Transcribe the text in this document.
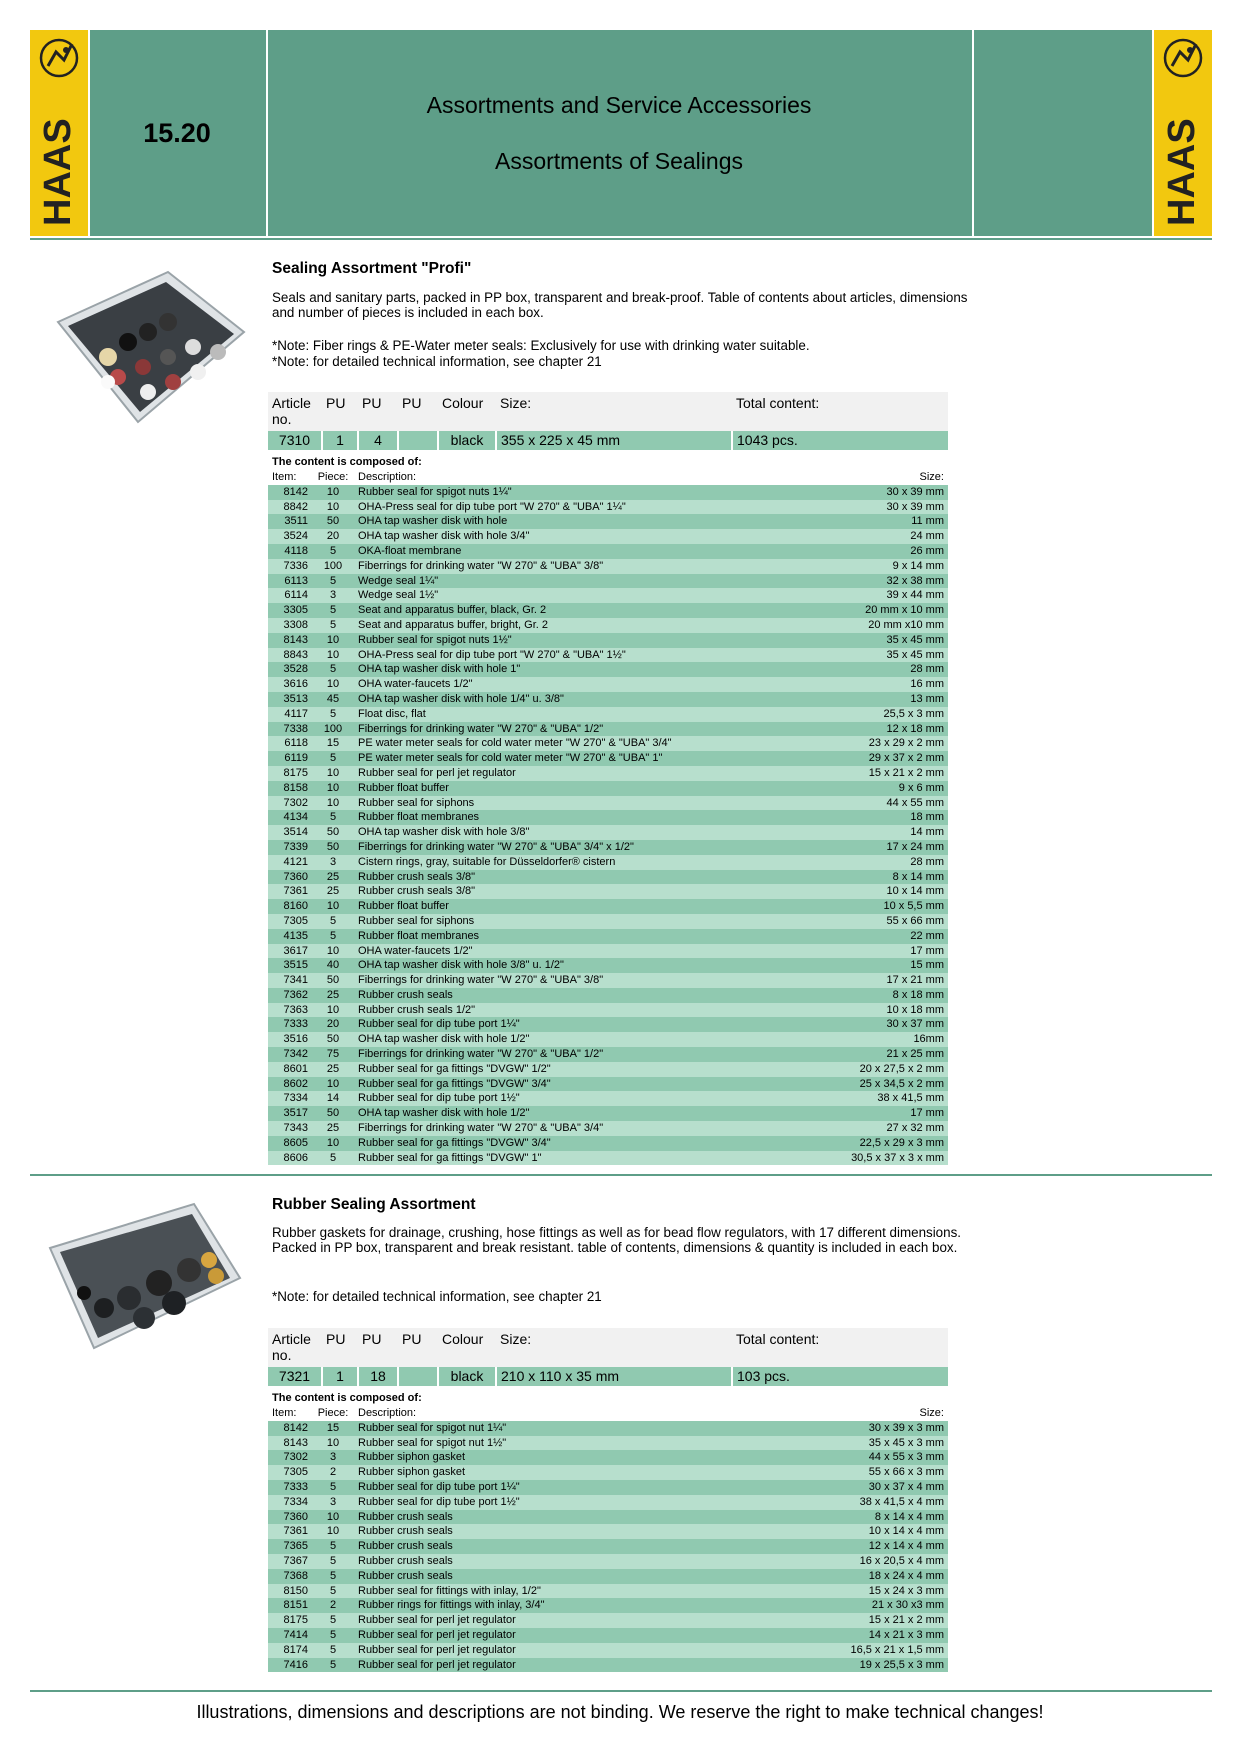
HAAS	HAAS
15.20
Assortments and Service Accessories
Assortments of Sealings
Sealing Assortment "Profi"
Seals and sanitary parts, packed in PP box, transparent and break-proof. Table of contents about articles, dimensions and number of pieces is included in each box.
*Note: Fiber rings & PE-Water meter seals: Exclusively for use with drinking water suitable.
*Note: for detailed technical information, see chapter 21
Article no.	PU	PU	PU	Colour	Size:	Total content:
7310	1	4		black	355 x 225 x 45 mm	1043 pcs.
The content is composed of:
Item:	Piece:	Description:	Size:
8142	10	Rubber seal for spigot nuts 1¼"	30 x 39 mm
8842	10	OHA-Press seal for dip tube port "W 270" & "UBA" 1¼"	30 x 39 mm
3511	50	OHA tap washer disk with hole	11 mm
3524	20	OHA tap washer disk with hole 3/4"	24 mm
4118	5	OKA-float membrane	26 mm
7336	100	Fiberrings for drinking water "W 270" & "UBA" 3/8"	9 x 14 mm
6113	5	Wedge seal 1¼"	32 x 38 mm
6114	3	Wedge seal 1½"	39 x 44 mm
3305	5	Seat and apparatus buffer, black, Gr. 2	20 mm x 10 mm
3308	5	Seat and apparatus buffer, bright, Gr. 2	20 mm x10 mm
8143	10	Rubber seal for spigot nuts 1½"	35 x 45 mm
8843	10	OHA-Press seal for dip tube port "W 270" & "UBA" 1½"	35 x 45 mm
3528	5	OHA tap washer disk with hole 1"	28 mm
3616	10	OHA water-faucets 1/2"	16 mm
3513	45	OHA tap washer disk with hole 1/4" u. 3/8"	13 mm
4117	5	Float disc, flat	25,5 x 3 mm
7338	100	Fiberrings for drinking water "W 270" & "UBA" 1/2"	12 x 18 mm
6118	15	PE water meter seals for cold water meter "W 270" & "UBA" 3/4"	23 x 29 x 2 mm
6119	5	PE water meter seals for cold water meter "W 270" & "UBA" 1"	29 x 37 x 2 mm
8175	10	Rubber seal for perl jet regulator	15 x 21 x 2 mm
8158	10	Rubber float buffer	9 x 6 mm
7302	10	Rubber seal for siphons	44 x 55 mm
4134	5	Rubber float membranes	18 mm
3514	50	OHA tap washer disk with hole 3/8"	14 mm
7339	50	Fiberrings for drinking water "W 270" & "UBA" 3/4" x 1/2"	17 x 24 mm
4121	3	Cistern rings, gray, suitable for Düsseldorfer® cistern	28 mm
7360	25	Rubber crush seals 3/8"	8 x 14 mm
7361	25	Rubber crush seals 3/8"	10 x 14 mm
8160	10	Rubber float buffer	10 x 5,5 mm
7305	5	Rubber seal for siphons	55 x 66 mm
4135	5	Rubber float membranes	22 mm
3617	10	OHA water-faucets 1/2"	17 mm
3515	40	OHA tap washer disk with hole 3/8" u. 1/2"	15 mm
7341	50	Fiberrings for drinking water "W 270" & "UBA" 3/8"	17 x 21 mm
7362	25	Rubber crush seals	8 x 18 mm
7363	10	Rubber crush seals 1/2"	10 x 18 mm
7333	20	Rubber seal for dip tube port 1¼"	30 x 37 mm
3516	50	OHA tap washer disk with hole 1/2"	16mm
7342	75	Fiberrings for drinking water "W 270" & "UBA" 1/2"	21 x 25 mm
8601	25	Rubber seal for ga fittings "DVGW" 1/2"	20 x 27,5 x 2 mm
8602	10	Rubber seal for ga fittings "DVGW" 3/4"	25 x 34,5 x 2 mm
7334	14	Rubber seal for dip tube port 1½"	38 x 41,5 mm
3517	50	OHA tap washer disk with hole 1/2"	17 mm
7343	25	Fiberrings for drinking water "W 270" & "UBA" 3/4"	27 x 32 mm
8605	10	Rubber seal for ga fittings "DVGW" 3/4"	22,5 x 29 x 3 mm
8606	5	Rubber seal for ga fittings "DVGW" 1"	30,5 x 37 x 3 x mm
Rubber Sealing Assortment
Rubber gaskets for drainage, crushing, hose fittings as well as for bead flow regulators, with 17 different dimensions. Packed in PP box, transparent and break resistant. table of contents, dimensions & quantity is included in each box.
*Note: for detailed technical information, see chapter 21
Article no.	PU	PU	PU	Colour	Size:	Total content:
7321	1	18		black	210 x 110 x 35 mm	103 pcs.
The content is composed of:
Item:	Piece:	Description:	Size:
8142	15	Rubber seal for spigot nut 1¼"	30 x 39 x 3 mm
8143	10	Rubber seal for spigot nut 1½"	35 x 45 x 3 mm
7302	3	Rubber siphon gasket	44 x 55 x 3 mm
7305	2	Rubber siphon gasket	55 x 66 x 3 mm
7333	5	Rubber seal for dip tube port 1¼"	30 x 37 x 4 mm
7334	3	Rubber seal for dip tube port 1½"	38 x 41,5 x 4 mm
7360	10	Rubber crush seals	8 x 14 x 4 mm
7361	10	Rubber crush seals	10 x 14 x 4 mm
7365	5	Rubber crush seals	12 x 14 x 4 mm
7367	5	Rubber crush seals	16 x 20,5 x 4 mm
7368	5	Rubber crush seals	18 x 24 x 4 mm
8150	5	Rubber seal for fittings with inlay, 1/2"	15 x 24 x 3 mm
8151	2	Rubber rings for fittings with inlay, 3/4"	21 x 30 x3 mm
8175	5	Rubber seal for perl jet regulator	15 x 21 x 2 mm
7414	5	Rubber seal for perl jet regulator	14 x 21 x 3 mm
8174	5	Rubber seal for perl jet regulator	16,5 x 21 x 1,5 mm
7416	5	Rubber seal for perl jet regulator	19 x 25,5 x 3 mm
Illustrations, dimensions and descriptions are not binding. We reserve the right to make technical changes!
